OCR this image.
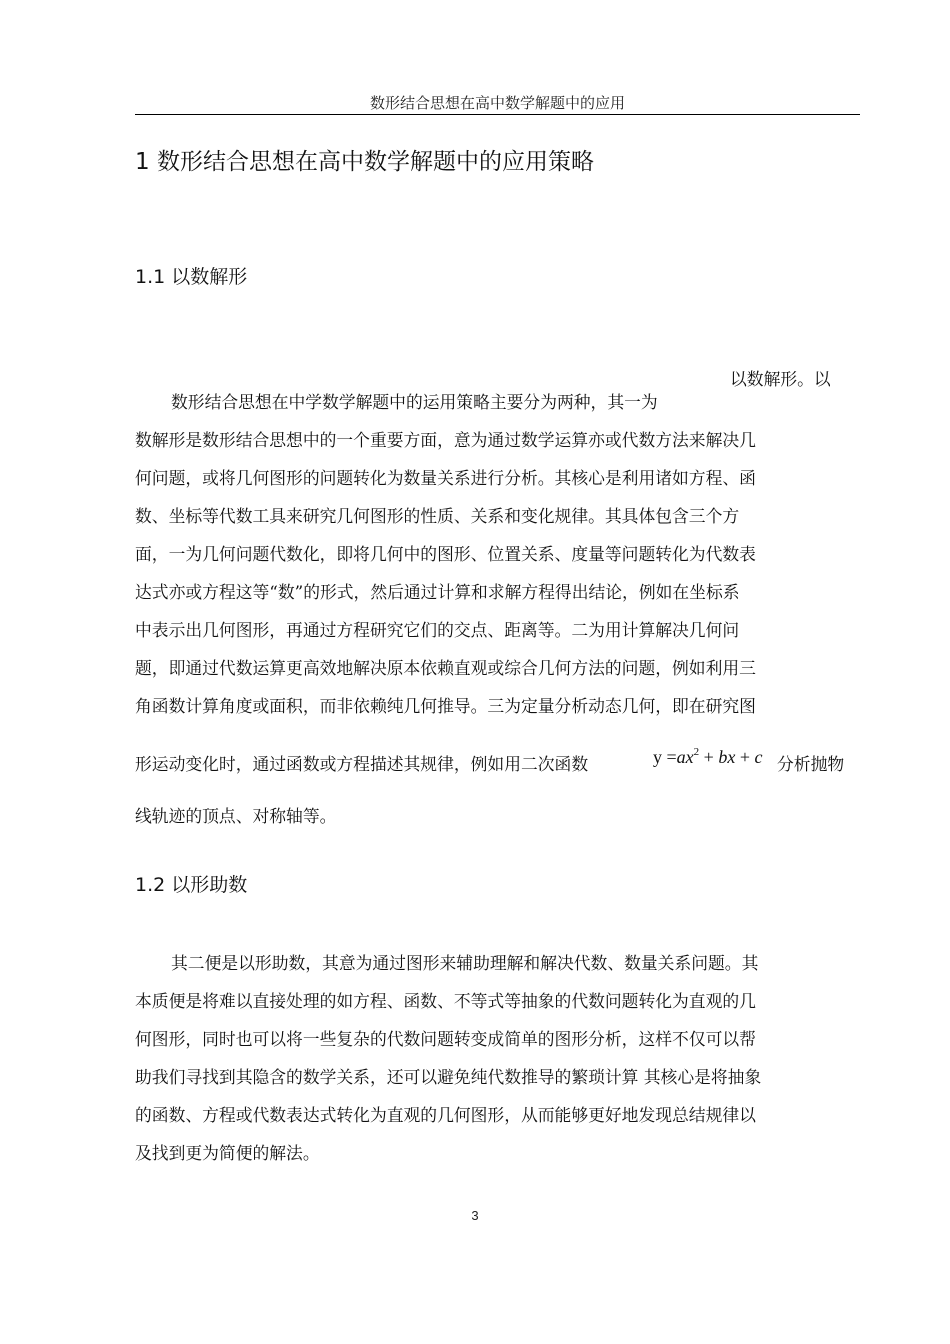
数形结合思想在高中数学解题中的应用
1 数形结合思想在高中数学解题中的应用策略
1.1 以数解形
以数解形。以
数形结合思想在中学数学解题中的运用策略主要分为两种，其一为
数解形是数形结合思想中的一个重要方面，意为通过数学运算亦或代数方法来解决几
何问题，或将几何图形的问题转化为数量关系进行分析。其核心是利用诸如方程、函
数、坐标等代数工具来研究几何图形的性质、关系和变化规律。其具体包含三个方
面，一为几何问题代数化，即将几何中的图形、位置关系、度量等问题转化为代数表
达式亦或方程这等“数”的形式，然后通过计算和求解方程得出结论，例如在坐标系
中表示出几何图形，再通过方程研究它们的交点、距离等。二为用计算解决几何问
题，即通过代数运算更高效地解决原本依赖直观或综合几何方法的问题，例如利用三
角函数计算角度或面积，而非依赖纯几何推导。三为定量分析动态几何，即在研究图
形运动变化时，通过函数或方程描述其规律，例如用二次函数	$y =ax^2$ + bx + c 分析抛物
线轨迹的顶点、对称轴等。
1.2 以形助数
其二便是以形助数，其意为通过图形来辅助理解和解决代数、数量关系问题。其
本质便是将难以直接处理的如方程、函数、不等式等抽象的代数问题转化为直观的几
何图形，同时也可以将一些复杂的代数问题转变成简单的图形分析，这样不仅可以帮
助我们寻找到其隐含的数学关系，还可以避免纯代数推导的繁琐计算 其核心是将抽象
的函数、方程或代数表达式转化为直观的几何图形，从而能够更好地发现总结规律以
及找到更为简便的解法。
3
